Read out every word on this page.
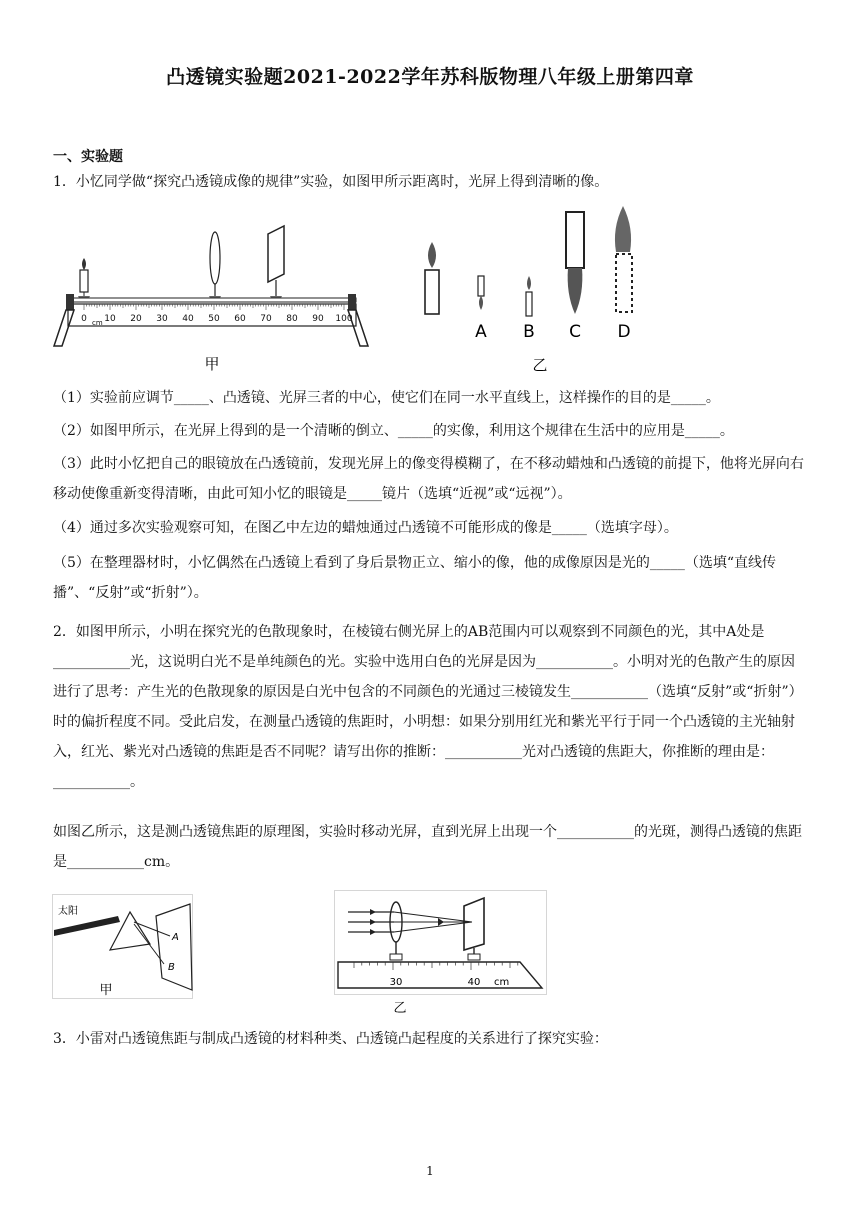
凸透镜实验题2021-2022学年苏科版物理八年级上册第四章
一、实验题
1．小忆同学做“探究凸透镜成像的规律”实验，如图甲所示距离时，光屏上得到清晰的像。
0 10 20 30 40 50 60 70 80 90 100
cm
甲
A B C D
乙
（1）实验前应调节_____、凸透镜、光屏三者的中心，使它们在同一水平直线上，这样操作的目的是_____。
（2）如图甲所示，在光屏上得到的是一个清晰的倒立、_____的实像，利用这个规律在生活中的应用是_____。
（3）此时小忆把自己的眼镜放在凸透镜前，发现光屏上的像变得模糊了，在不移动蜡烛和凸透镜的前提下，他将光屏向右移动使像重新变得清晰，由此可知小忆的眼镜是_____镜片（选填“近视”或“远视”）。
（4）通过多次实验观察可知，在图乙中左边的蜡烛通过凸透镜不可能形成的像是_____（选填字母）。
（5）在整理器材时，小忆偶然在凸透镜上看到了身后景物正立、缩小的像，他的成像原因是光的_____（选填“直线传播”、“反射”或“折射”）。
2．如图甲所示，小明在探究光的色散现象时，在棱镜右侧光屏上的AB范围内可以观察到不同颜色的光，其中A处是___________光，这说明白光不是单纯颜色的光。实验中选用白色的光屏是因为___________。小明对光的色散产生的原因进行了思考：产生光的色散现象的原因是白光中包含的不同颜色的光通过三棱镜发生___________（选填“反射”或“折射”）时的偏折程度不同。受此启发，在测量凸透镜的焦距时，小明想：如果分别用红光和紫光平行于同一个凸透镜的主光轴射入，红光、紫光对凸透镜的焦距是否不同呢？请写出你的推断：___________光对凸透镜的焦距大，你推断的理由是：___________。
如图乙所示，这是测凸透镜焦距的原理图，实验时移动光屏，直到光屏上出现一个___________的光斑，测得凸透镜的焦距是___________cm。
太阳
A
B
甲
30	40 cm
乙
3．小雷对凸透镜焦距与制成凸透镜的材料种类、凸透镜凸起程度的关系进行了探究实验：
1
